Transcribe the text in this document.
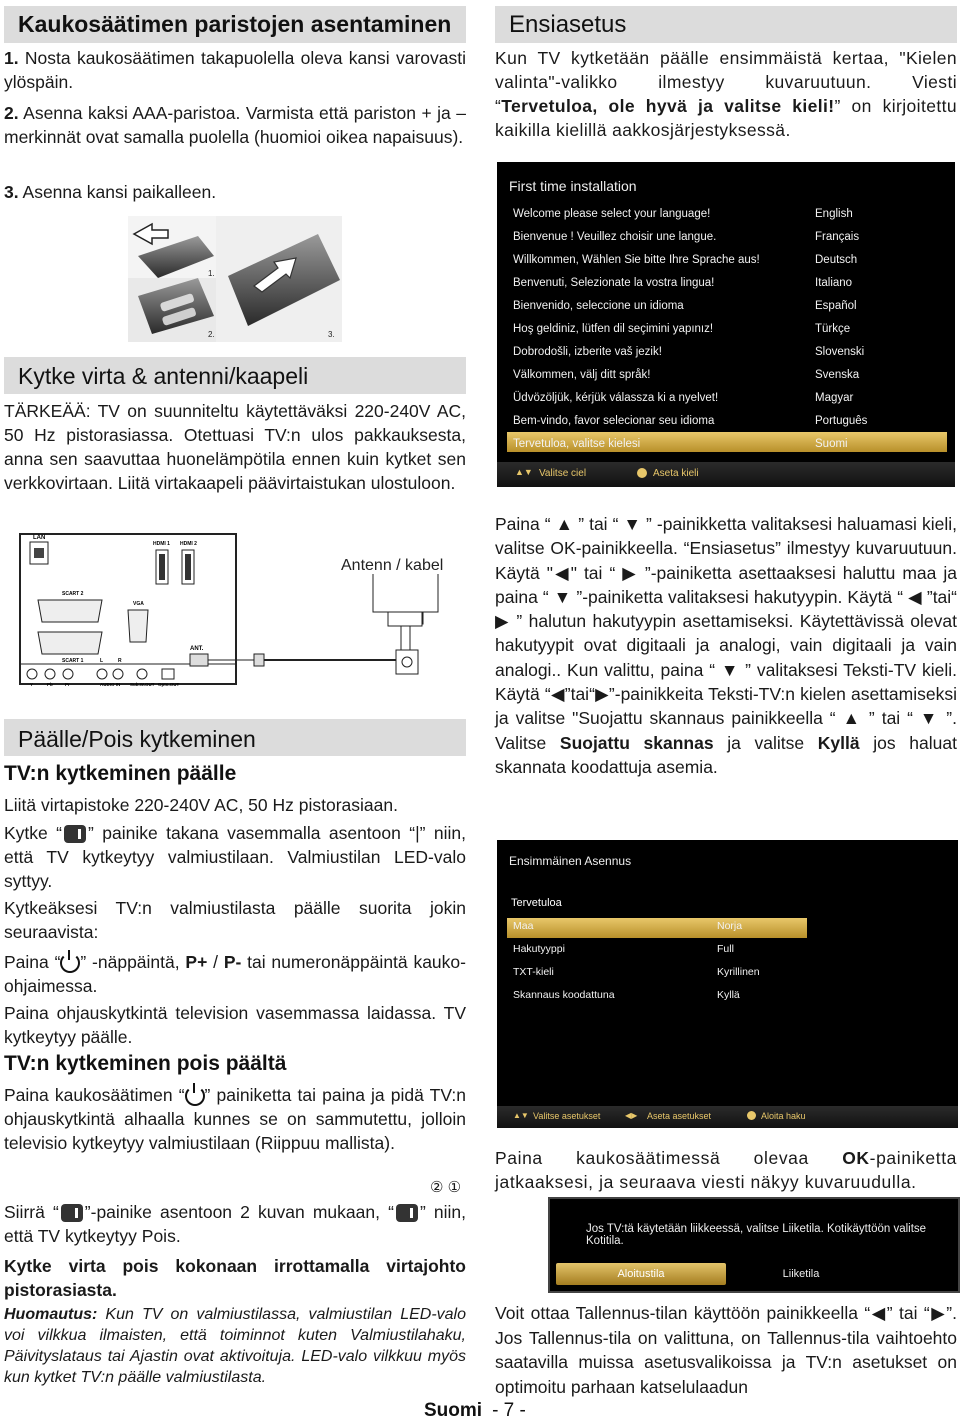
Kaukosäätimen paristojen asentaminen
1. Nosta kaukosäätimen takapuolella oleva kansi varovasti ylöspäin.
2. Asenna kaksi AAA-paristoa. Varmista että pariston + ja – merkinnät ovat samalla puolella (huomioi oikea napaisuus).
3. Asenna kansi paikalleen.
1.
2.	3.
Kytke virta & antenni/kaapeli
TÄRKEÄÄ: TV on suunniteltu käytettäväksi 220-240V AC, 50 Hz pistorasiassa. Otettuasi TV:n ulos pakkauksesta, anna sen saavuttaa huonelämpötila ennen kuin kytket sen verkkovirtaan. Liitä virtakaapeli päävirtaistukan ulostuloon.
LAN
HDMI 1 HDMI 2
SCART 2
VGA
SCART 1	L	R
ANT.
Y	Pb	Pr	AUDIO IN Sub.W.OUT Opto.OUT
Antenn / kabel
Päälle/Pois kytkeminen
TV:n kytkeminen päälle
Liitä virtapistoke 220-240V AC, 50 Hz pistorasiaan.
Kytke “ ” painike takana vasemmalla asentoon “|” niin, että TV kytkeytyy valmiustilaan. Valmiustilan LED-valo syttyy.
Kytkeäksesi TV:n valmiustilasta päälle suorita jokin seuraavista:
Paina “ ” -näppäintä, P+ / P- tai numeronäppäintä kauko-ohjaimessa.
Paina ohjauskytkintä television vasemmassa laidassa. TV kytkeytyy päälle.
TV:n kytkeminen pois päältä
Paina kaukosäätimen “ ” painiketta tai paina ja pidä TV:n ohjauskytkintä alhaalla kunnes se on sammutettu, jolloin televisio kytkeytyy valmiustilaan (Riippuu mallista).
② ①
Siirrä “ ”-painike asentoon 2 kuvan mukaan, “ ” niin, että TV kytkeytyy Pois.
Kytke virta pois kokonaan irrottamalla virtajohto pistorasiasta.
Huomautus: Kun TV on valmiustilassa, valmiustilan LED-valo voi vilkkua ilmaisten, että toiminnot kuten Valmiustilahaku, Päivityslataus tai Ajastin ovat aktivoituja. LED-valo vilkkuu myös kun kytket TV:n päälle valmiustilasta.
Ensiasetus
Kun TV kytketään päälle ensimmäistä kertaa, "Kielen valinta"-valikko ilmestyy kuvaruutuun. Viesti “Tervetuloa, ole hyvä ja valitse kieli!” on kirjoitettu kaikilla kielillä aakkosjärjestyksessä.
First time installation
Welcome please select your language!	English
Bienvenue ! Veuillez choisir une langue.	Français
Willkommen, Wählen Sie bitte Ihre Sprache aus!	Deutsch
Benvenuti, Selezionate la vostra lingua!	Italiano
Bienvenido, seleccione un idioma	Español
Hoş geldiniz, lütfen dil seçimini yapınız!	Türkçe
Dobrodošli, izberite vaš jezik!	Slovenski
Välkommen, välj ditt språk!	Svenska
Üdvözöljük, kérjük válassza ki a nyelvet!	Magyar
Bem-vindo, favor selecionar seu idioma	Português
Tervetuloa, valitse kielesi	Suomi
▲▼ Valitse ciel	Aseta kieli
Paina “ ▲ ” tai “ ▼ ” -painikketta valitaksesi haluamasi kieli, valitse OK-painikkeella. “Ensiasetus” ilmestyy kuvaruutuun. Käytä "◀" tai “ ▶ ”-painiketta asettaaksesi haluttu maa ja paina “ ▼ ”-painiketta valitaksesi hakutyypin. Käytä “ ◀ ”tai“ ▶ ” halutun hakutyypin asettamiseksi. Käytettävissä olevat hakutyypit ovat digitaali ja analogi, vain digitaali ja vain analogi.. Kun valittu, paina “ ▼ ” valitaksesi Teksti-TV kieli. Käytä “◀”tai“▶”-painikkeita Teksti-TV:n kielen asettamiseksi ja valitse "Suojattu skannaus painikkeella “ ▲ ” tai “ ▼ ”. Valitse Suojattu skannas ja valitse Kyllä jos haluat skannata koodattuja asemia.
Ensimmäinen Asennus
Tervetuloa
Maa	Norja
Hakutyyppi	Full
TXT-kieli	Kyrillinen
Skannaus koodattuna	Kyllä
▲▼ Valitse asetukset	◀▶ Aseta asetukset	Aloita haku
Paina kaukosäätimessä olevaa OK-painiketta jatkaaksesi, ja seuraava viesti näkyy kuvaruudulla.
Jos TV:tä käytetään liikkeessä, valitse Liiketila. Kotikäyttöön valitse Kotitila.
Aloitustila	Liiketila
Voit ottaa Tallennus-tilan käyttöön painikkeella “◀” tai “▶”. Jos Tallennus-tila on valittuna, on Tallennus-tila vaihtoehto saatavilla muissa asetusvalikoissa ja TV:n asetukset on optimoitu parhaan katselulaadun
Suomi - 7 -
